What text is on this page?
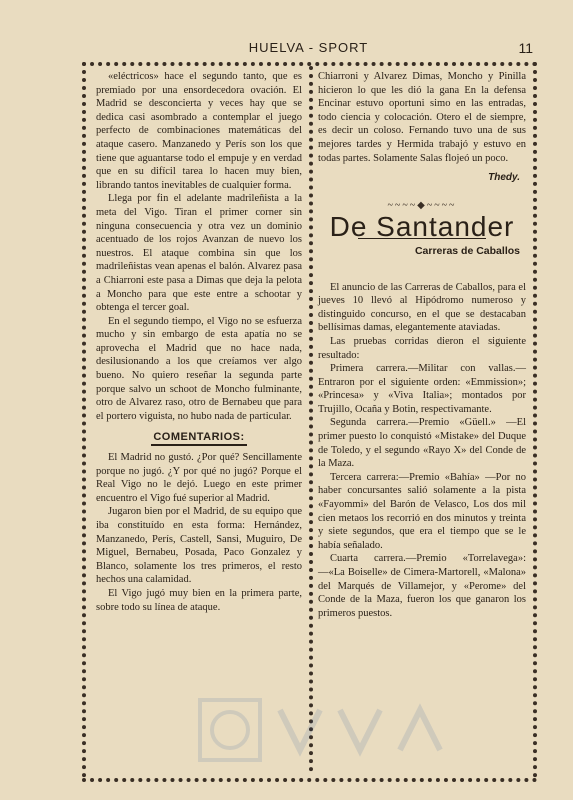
HUELVA - SPORT	11

«eléctricos» hace el segundo tanto, que es premiado por una ensordecedora ovación. El Madrid se desconcierta y veces hay que se dedica casi asombrado a contemplar el juego perfecto de combinaciones matemáticas del ataque casero. Manzanedo y Perís son los que tiene que aguantarse todo el empuje y en verdad que en su difícil tarea lo hacen muy bien, librando tantos inevitables de cualquier forma.

Llega por fin el adelante madrileñista a la meta del Vigo. Tiran el primer corner sin ninguna consecuencia y otra vez un dominio acentuado de los rojos Avanzan de nuevo los nuestros. El ataque combina sin que los madrileñistas vean apenas el balón. Alvarez pasa a Chiarroni este pasa a Dimas que deja la pelota a Moncho para que este entre a schootar y obtenga el tercer goal.

En el segundo tiempo, el Vigo no se esfuerza mucho y sin embargo de esta apatía no se aprovecha el Madrid que no hace nada, desilusionando a los que creíamos ver algo bueno. No quiero reseñar la segunda parte porque salvo un schoot de Moncho fulminante, otro de Alvarez raso, otro de Bernabeu que para el portero viguista, no hubo nada de particular.

COMENTARIOS:

El Madrid no gustó. ¿Por qué? Sencillamente porque no jugó. ¿Y por qué no jugó? Porque el Real Vigo no le dejó. Luego en este primer encuentro el Vigo fué superior al Madrid.

Jugaron bien por el Madrid, de su equipo que iba constituído en esta forma: Hernández, Manzanedo, Perís, Castell, Sansi, Muguiro, De Miguel, Bernabeu, Posada, Paco Gonzalez y Blanco, solamente los tres primeros, el resto hechos una calamidad.

El Vigo jugó muy bien en la primera parte, sobre todo su línea de ataque.

Chiarroni y Alvarez Dimas, Moncho y Pinilla hicieron lo que les dió la gana En la defensa Encinar estuvo oportuni simo en las entradas, todo ciencia y colocación. Otero el de siempre, es decir un coloso. Fernando tuvo una de sus mejores tardes y Hermida trabajó y estuvo en todas partes. Solamente Salas flojeó un poco.

Thedy.
~~~~◆~~~~
De Santander
Carreras de Caballos

El anuncio de las Carreras de Caballos, para el jueves 10 llevó al Hipódromo numeroso y distinguido concurso, en el que se destacaban bellísimas damas, elegantemente ataviadas.

Las pruebas corridas dieron el siguiente resultado:

Primera carrera.—Militar con vallas.—Entraron por el siguiente orden: «Emmission»; «Princesa» y «Viva Italia»; montados por Trujillo, Ocaña y Botin, respectivamante.

Segunda carrera.—Premio «Güell.» —El primer puesto lo conquistó «Mistake» del Duque de Toledo, y el segundo «Rayo X» del Conde de la Maza.

Tercera carrera:—Premio «Bahía» —Por no haber concursantes salió solamente a la pista «Fayommi» del Barón de Velasco, Los dos mil cien metaos los recorrió en dos minutos y treinta y siete segundos, que era el tiempo que se le había señalado.

Cuarta carrera.—Premio «Torrelavega»:—«La Boiselle» de Cimera-Martorell, «Malona» del Marqués de Villamejor, y «Perome» del Conde de la Maza, fueron los que ganaron los primeros puestos.
